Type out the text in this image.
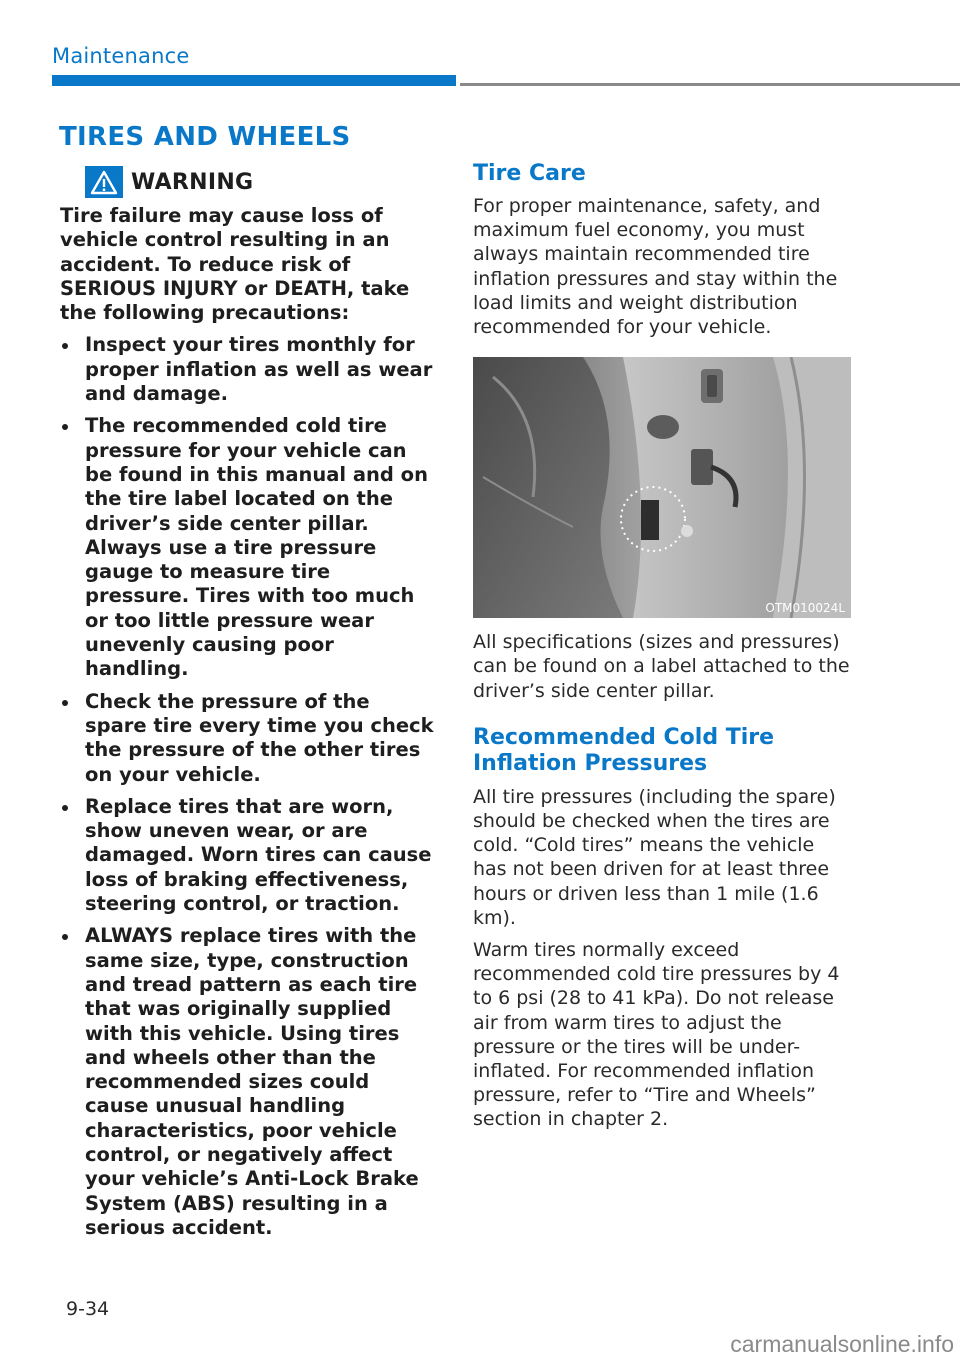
Maintenance
TIRES AND WHEELS
WARNING

Tire failure may cause loss of vehicle control resulting in an accident. To reduce risk of SERIOUS INJURY or DEATH, take the following precautions:

Inspect your tires monthly for proper inflation as well as wear and damage.
The recommended cold tire pressure for your vehicle can be found in this manual and on the tire label located on the driver’s side center pillar. Always use a tire pressure gauge to measure tire pressure. Tires with too much or too little pressure wear unevenly causing poor handling.
Check the pressure of the spare tire every time you check the pressure of the other tires on your vehicle.
Replace tires that are worn, show uneven wear, or are damaged. Worn tires can cause loss of braking effectiveness, steering control, or traction.
ALWAYS replace tires with the same size, type, construction and tread pattern as each tire that was originally supplied with this vehicle. Using tires and wheels other than the recommended sizes could cause unusual handling characteristics, poor vehicle control, or negatively affect your vehicle’s Anti-Lock Brake System (ABS) resulting in a serious accident.
Tire Care

For proper maintenance, safety, and maximum fuel economy, you must always maintain recommended tire inflation pressures and stay within the load limits and weight distribution recommended for your vehicle.

OTM010024L

All specifications (sizes and pressures) can be found on a label attached to the driver’s side center pillar.

Recommended Cold Tire
Inflation Pressures

All tire pressures (including the spare) should be checked when the tires are cold. “Cold tires” means the vehicle has not been driven for at least three hours or driven less than 1 mile (1.6 km).

Warm tires normally exceed recommended cold tire pressures by 4 to 6 psi (28 to 41 kPa). Do not release air from warm tires to adjust the pressure or the tires will be under-inflated. For recommended inflation pressure, refer to “Tire and Wheels” section in chapter 2.

9-34
carmanualsonline.info
